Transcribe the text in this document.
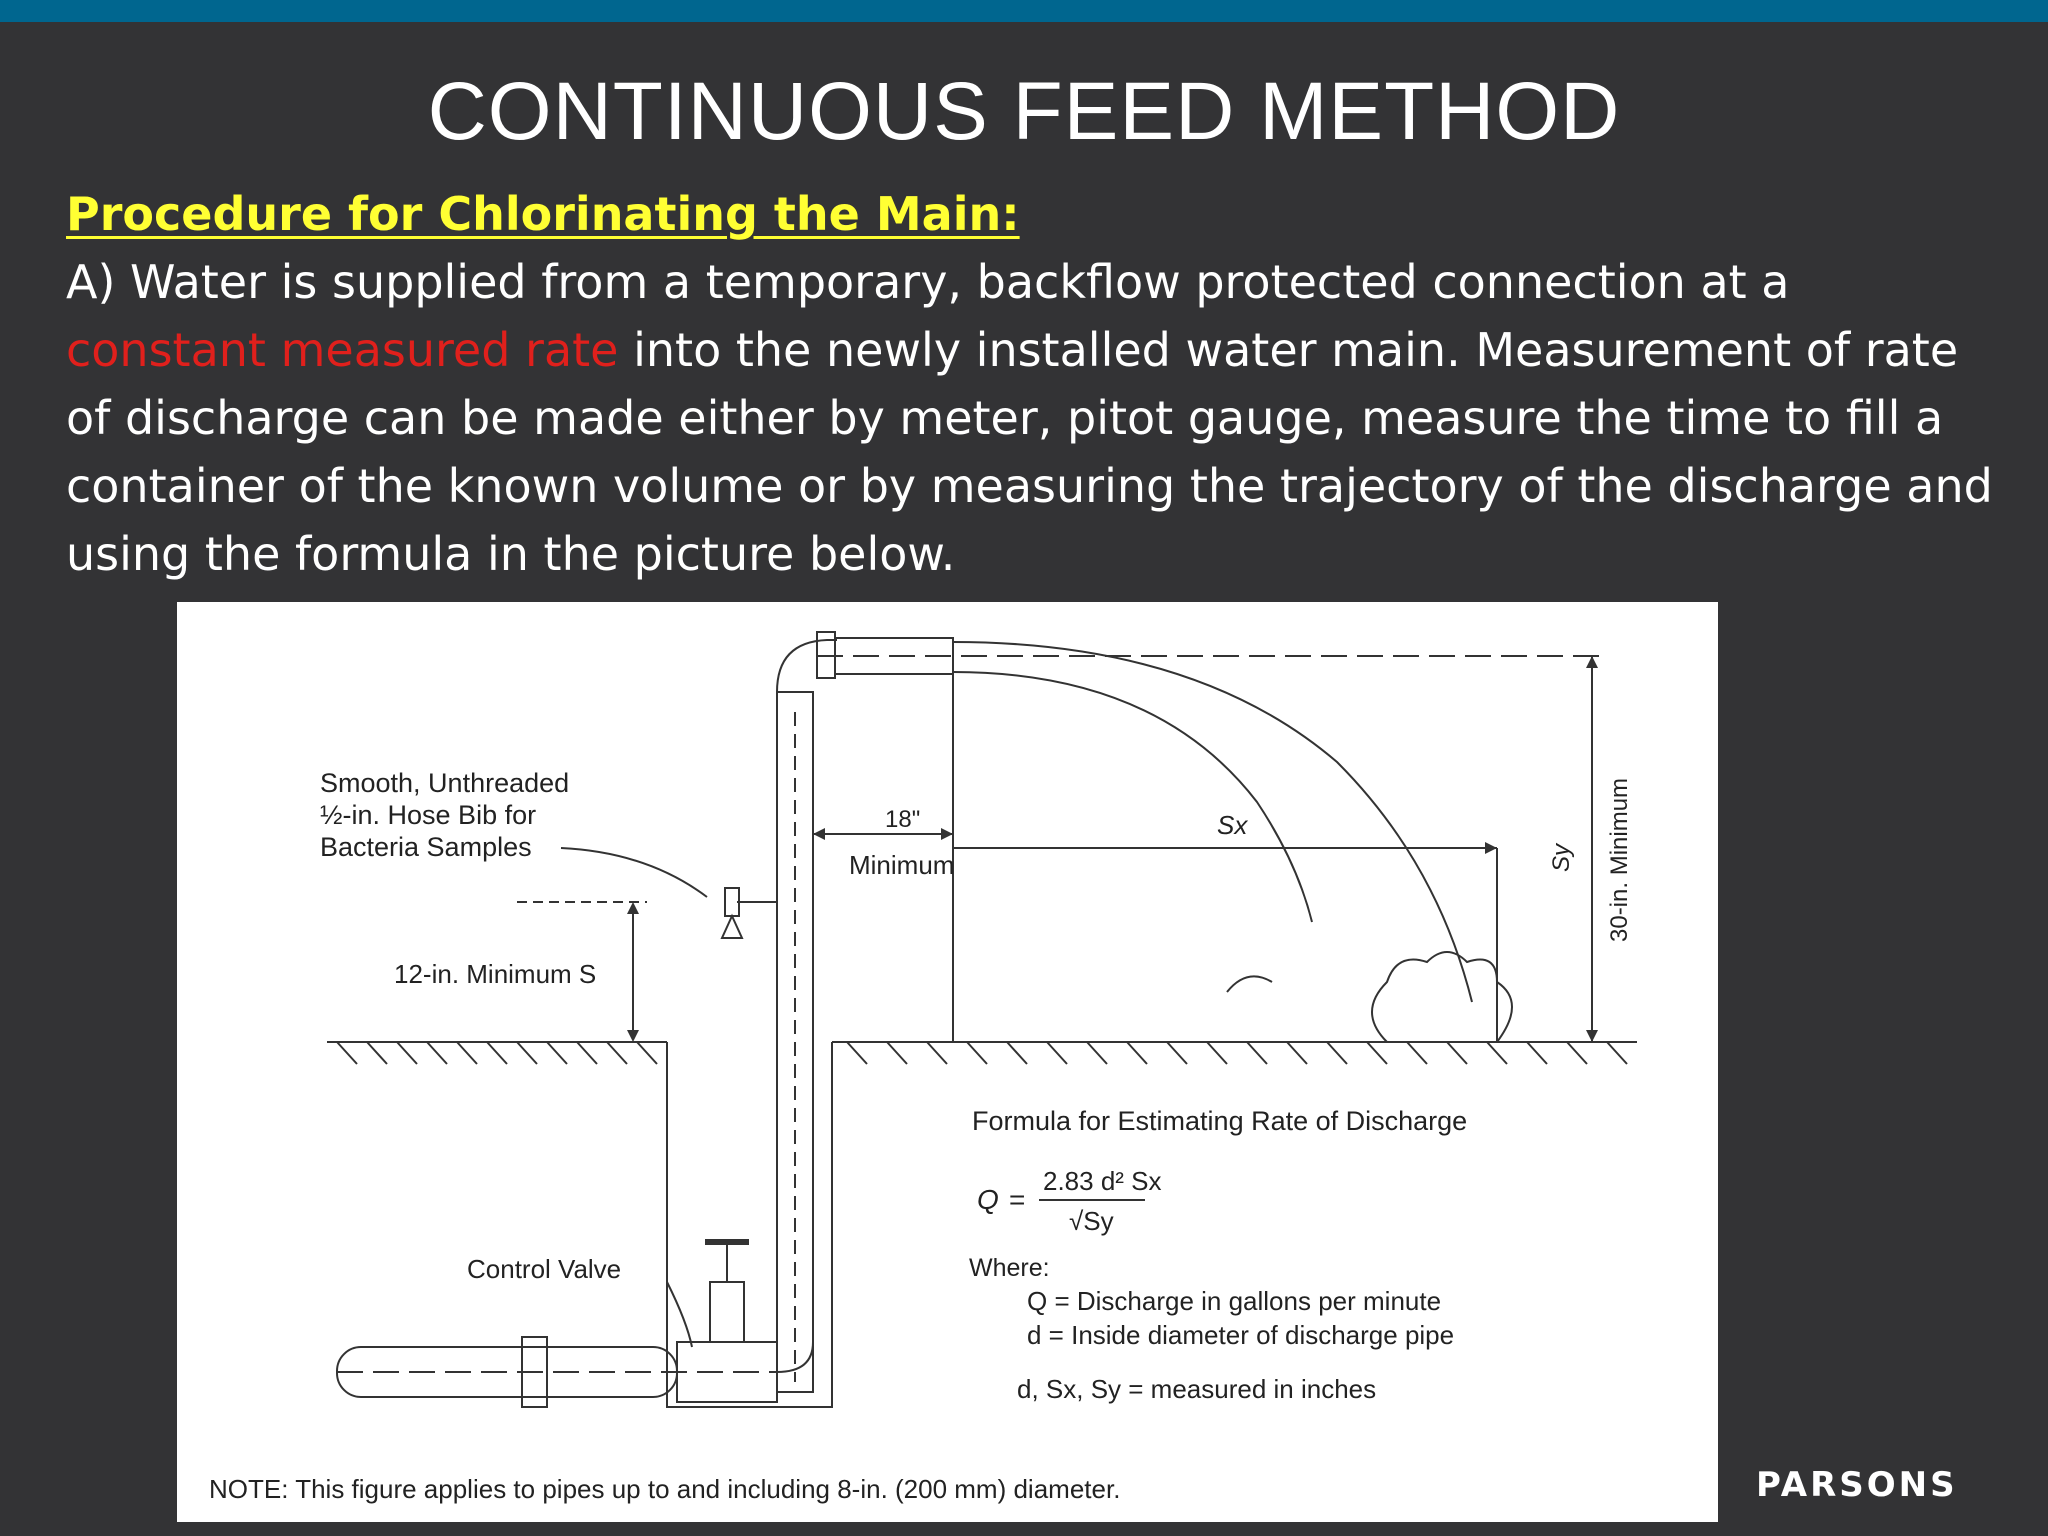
CONTINUOUS FEED METHOD
Procedure for Chlorinating the Main:
A) Water is supplied from a temporary, backflow protected connection at a
constant measured rate into the newly installed water main. Measurement of rate
of discharge can be made either by meter, pitot gauge, measure the time to fill a
container of the known volume or by measuring the trajectory of the discharge and
using the formula in the picture below.
Smooth, Unthreaded
½-in. Hose Bib for
Bacteria Samples
18"
Minimum
Sx
Sy 30-in. Minimum
12-in. Minimum S
Formula for Estimating Rate of Discharge
Q =
2.83 d² Sx
√Sy
Where:
Q = Discharge in gallons per minute
d = Inside diameter of discharge pipe
d, Sx, Sy = measured in inches
Control Valve
NOTE: This figure applies to pipes up to and including 8-in. (200 mm) diameter.	PARSONS
